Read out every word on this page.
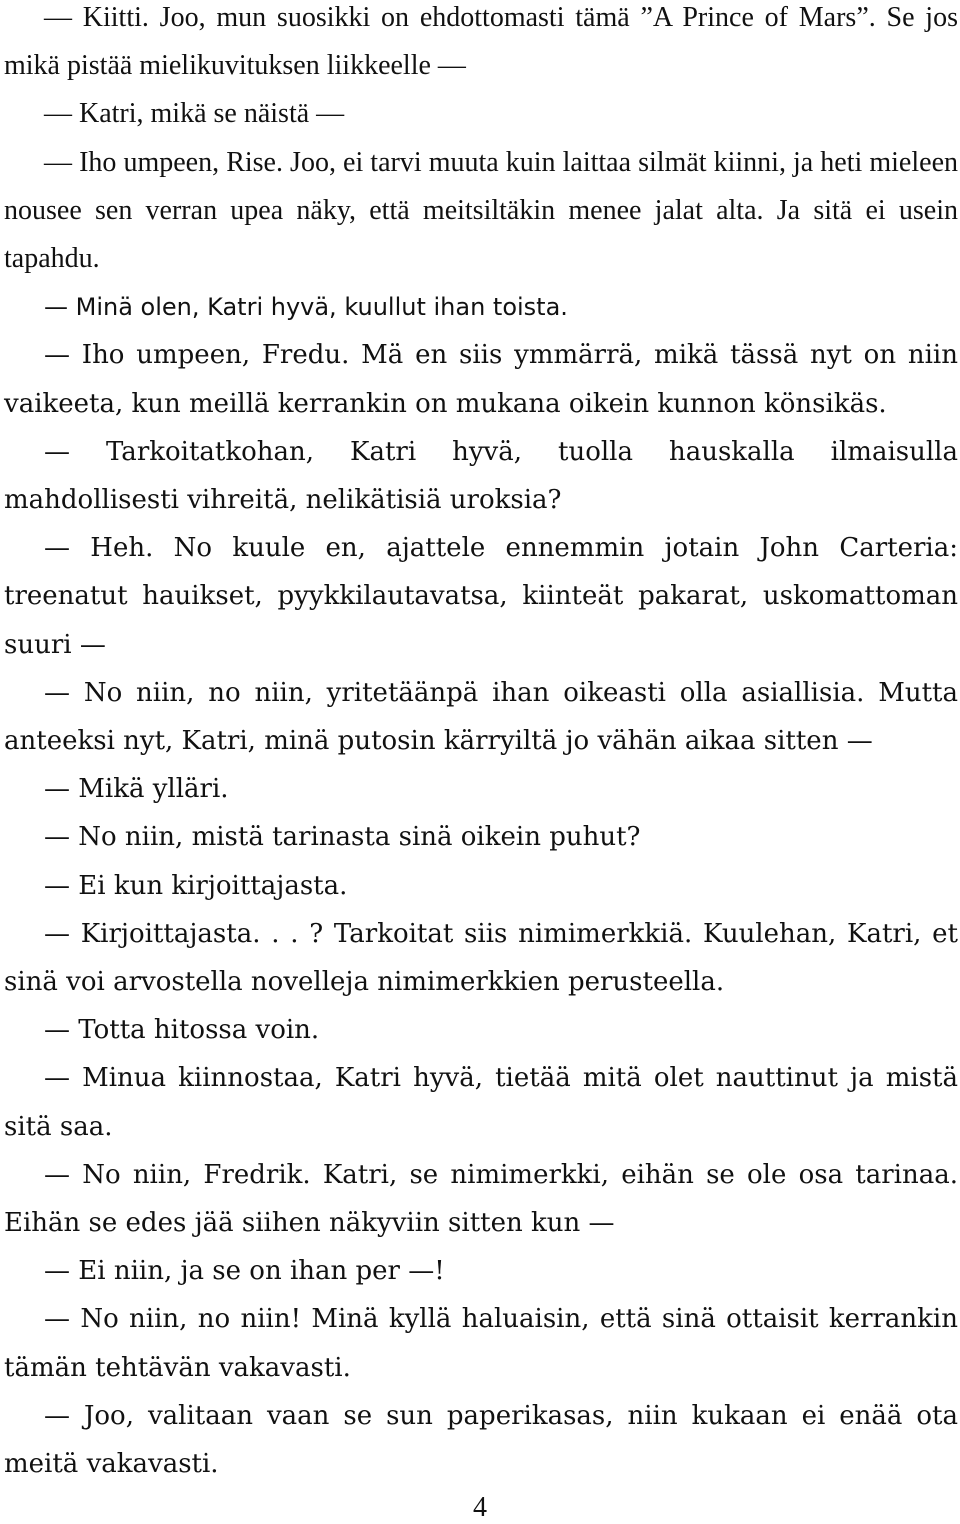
— Kiitti. Joo, mun suosikki on ehdottomasti tämä ”A Prince of Mars”. Se jos mikä pistää mielikuvituksen liikkeelle —

— Katri, mikä se näistä —

— Iho umpeen, Rise. Joo, ei tarvi muuta kuin laittaa silmät kiinni, ja heti mieleen nousee sen verran upea näky, että meitsiltäkin menee jalat alta. Ja sitä ei usein tapahdu.

— Minä olen, Katri hyvä, kuullut ihan toista.

— Iho umpeen, Fredu. Mä en siis ymmärrä, mikä tässä nyt on niin vaikeeta, kun meillä kerrankin on mukana oikein kunnon könsikäs.

— Tarkoitatkohan, Katri hyvä, tuolla hauskalla ilmaisulla mahdollisesti vihreitä, nelikätisiä uroksia?

— Heh. No kuule en, ajattele ennemmin jotain John Carteria: treenatut hauikset, pyykkilautavatsa, kiinteät pakarat, uskomattoman suuri —

— No niin, no niin, yritetäänpä ihan oikeasti olla asiallisia. Mutta anteeksi nyt, Katri, minä putosin kärryiltä jo vähän aikaa sitten —

— Mikä ylläri.

— No niin, mistä tarinasta sinä oikein puhut?

— Ei kun kirjoittajasta.

— Kirjoittajasta. . . ? Tarkoitat siis nimimerkkiä. Kuulehan, Katri, et sinä voi arvostella novelleja nimimerkkien perusteella.

— Totta hitossa voin.

— Minua kiinnostaa, Katri hyvä, tietää mitä olet nauttinut ja mistä sitä saa.

— No niin, Fredrik. Katri, se nimimerkki, eihän se ole osa tarinaa. Eihän se edes jää siihen näkyviin sitten kun —

— Ei niin, ja se on ihan per —!

— No niin, no niin! Minä kyllä haluaisin, että sinä ottaisit kerrankin tämän tehtävän vakavasti.

— Joo, valitaan vaan se sun paperikasas, niin kukaan ei enää ota meitä vakavasti.

4
